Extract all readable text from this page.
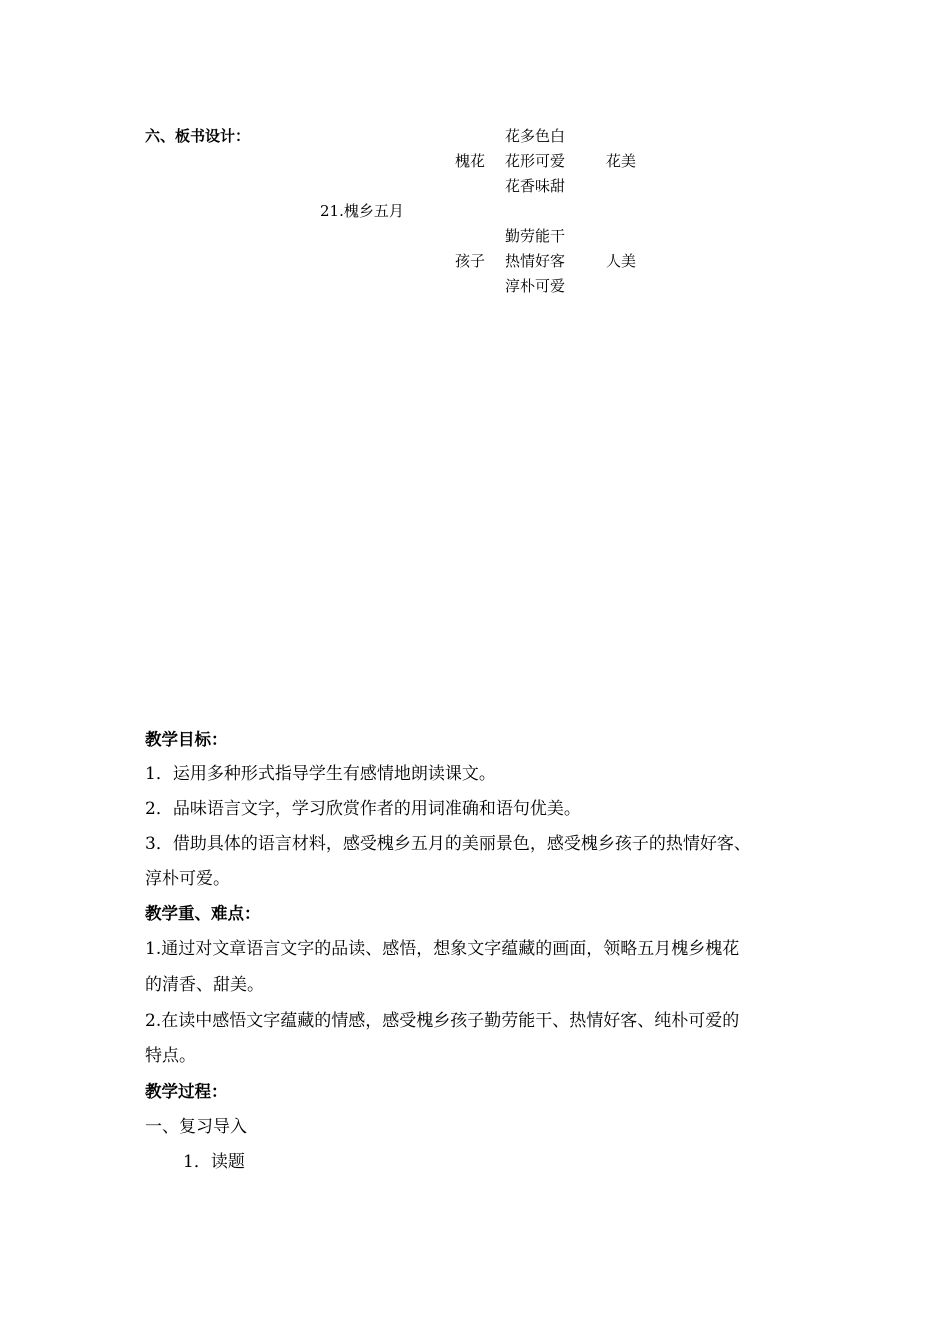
六、板书设计：	花多色白
槐花 花形可爱	花美
花香味甜
21.槐乡五月
勤劳能干
孩子 热情好客	人美
淳朴可爱
教学目标：
1．运用多种形式指导学生有感情地朗读课文。
2．品味语言文字，学习欣赏作者的用词准确和语句优美。
3．借助具体的语言材料，感受槐乡五月的美丽景色，感受槐乡孩子的热情好客、
淳朴可爱。
教学重、难点：
1.通过对文章语言文字的品读、感悟，想象文字蕴藏的画面，领略五月槐乡槐花
的清香、甜美。
2.在读中感悟文字蕴藏的情感，感受槐乡孩子勤劳能干、热情好客、纯朴可爱的
特点。
教学过程：
一、复习导入
1．读题
